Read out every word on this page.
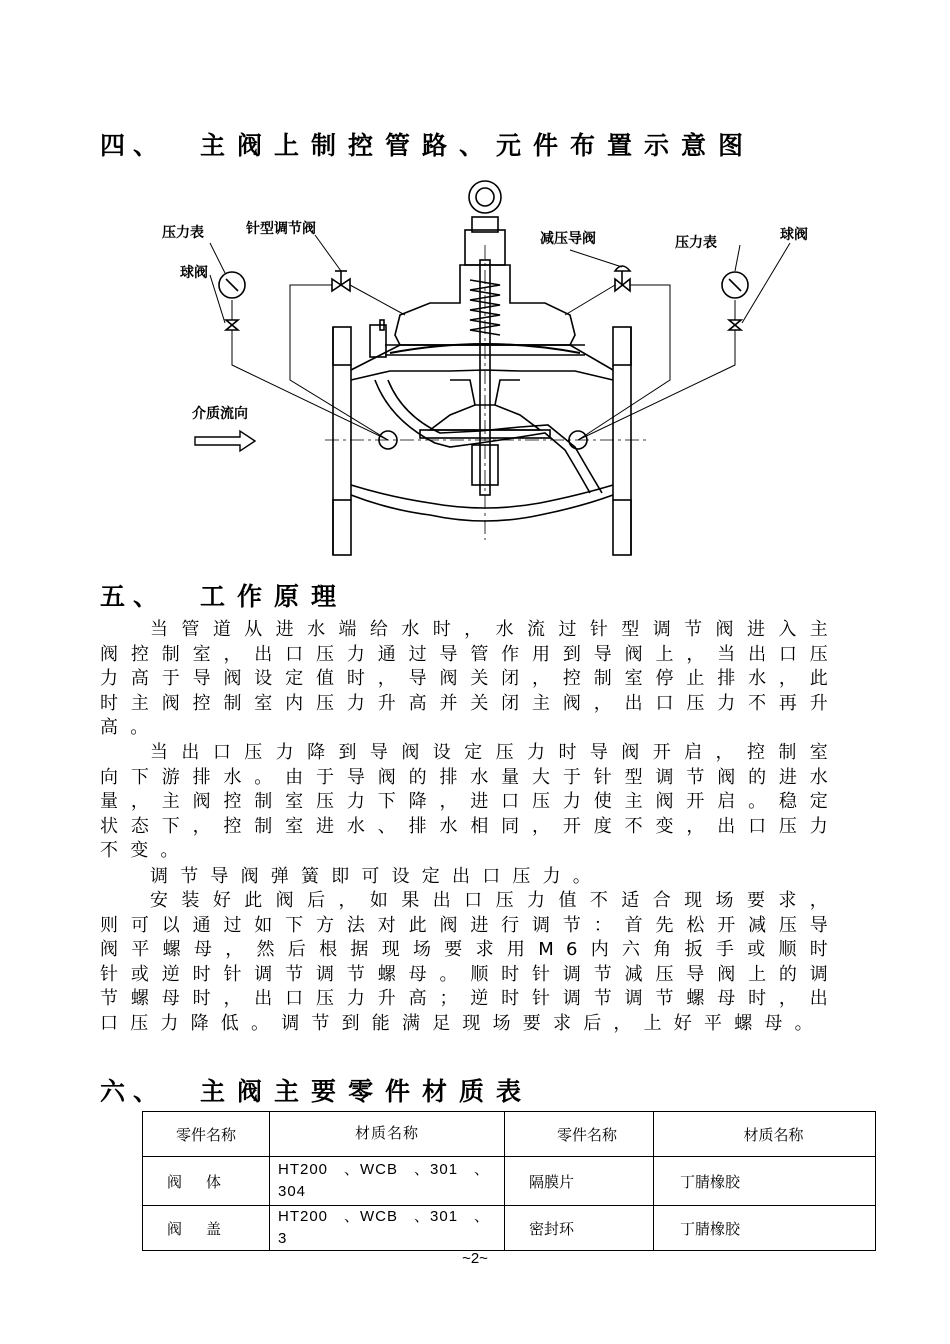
四、 主阀上制控管路、元件布置示意图
压力表
球阀
针型调节阀
减压导阀	压力表	球阀
介质流向
五、 工作原理

当管道从进水端给水时，水流过针型调节阀进入主阀控制室，出口压力通过导管作用到导阀上，当出口压力高于导阀设定值时，导阀关闭，控制室停止排水，此时主阀控制室内压力升高并关闭主阀，出口压力不再升高。

当出口压力降到导阀设定压力时导阀开启，控制室向下游排水。由于导阀的排水量大于针型调节阀的进水量，主阀控制室压力下降，进口压力使主阀开启。稳定状态下，控制室进水、排水相同，开度不变，出口压力不变。

调节导阀弹簧即可设定出口压力。

安装好此阀后，如果出口压力值不适合现场要求，则可以通过如下方法对此阀进行调节：首先松开减压导阀平螺母，然后根据现场要求用M6内六角扳手或顺时针或逆时针调节调节螺母。顺时针调节减压导阀上的调节螺母时，出口压力升高；逆时针调节调节螺母时，出口压力降低。调节到能满足现场要求后，上好平螺母。

六、 主阀主要零件材质表
零件名称	材质名称	零件名称	材质名称
阀体	HT200　、WCB　、301　、304	隔膜片	丁腈橡胶
阀盖	HT200　、WCB　、301　、3	密封环	丁腈橡胶
~2~
